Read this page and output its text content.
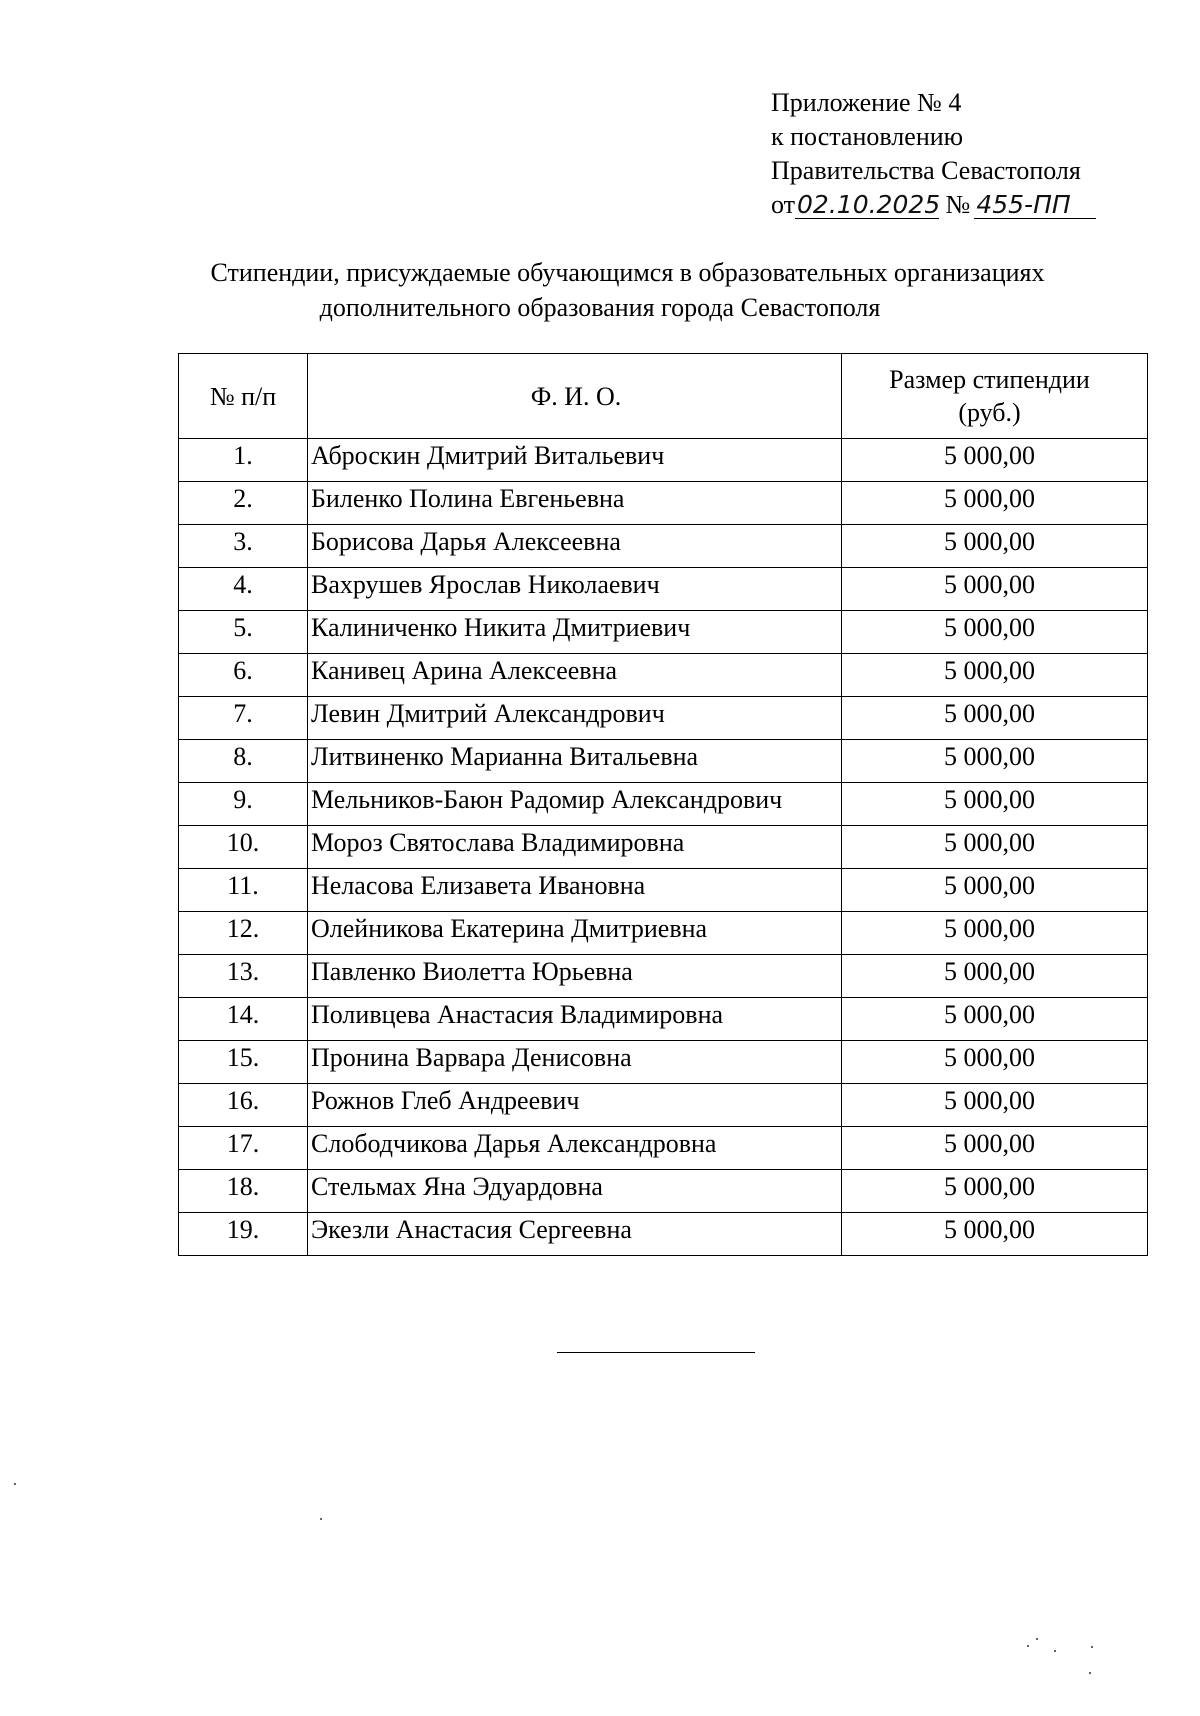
Приложение № 4
к постановлению
Правительства Севастополя
от02.10.2025 № 455-ПП
Стипендии, присуждаемые обучающимся в образовательных организациях
дополнительного образования города Севастополя
№ п/п	Ф. И. О.	Размер стипендии
(руб.)

1.	Аброскин Дмитрий Витальевич	5 000,00
2.	Биленко Полина Евгеньевна	5 000,00
3.	Борисова Дарья Алексеевна	5 000,00
4.	Вахрушев Ярослав Николаевич	5 000,00
5.	Калиниченко Никита Дмитриевич	5 000,00
6.	Канивец Арина Алексеевна	5 000,00
7.	Левин Дмитрий Александрович	5 000,00
8.	Литвиненко Марианна Витальевна	5 000,00
9.	Мельников-Баюн Радомир Александрович	5 000,00
10.	Мороз Святослава Владимировна	5 000,00
11.	Неласова Елизавета Ивановна	5 000,00
12.	Олейникова Екатерина Дмитриевна	5 000,00
13.	Павленко Виолетта Юрьевна	5 000,00
14.	Поливцева Анастасия Владимировна	5 000,00
15.	Пронина Варвара Денисовна	5 000,00
16.	Рожнов Глеб Андреевич	5 000,00
17.	Слободчикова Дарья Александровна	5 000,00
18.	Стельмах Яна Эдуардовна	5 000,00
19.	Экезли Анастасия Сергеевна	5 000,00
